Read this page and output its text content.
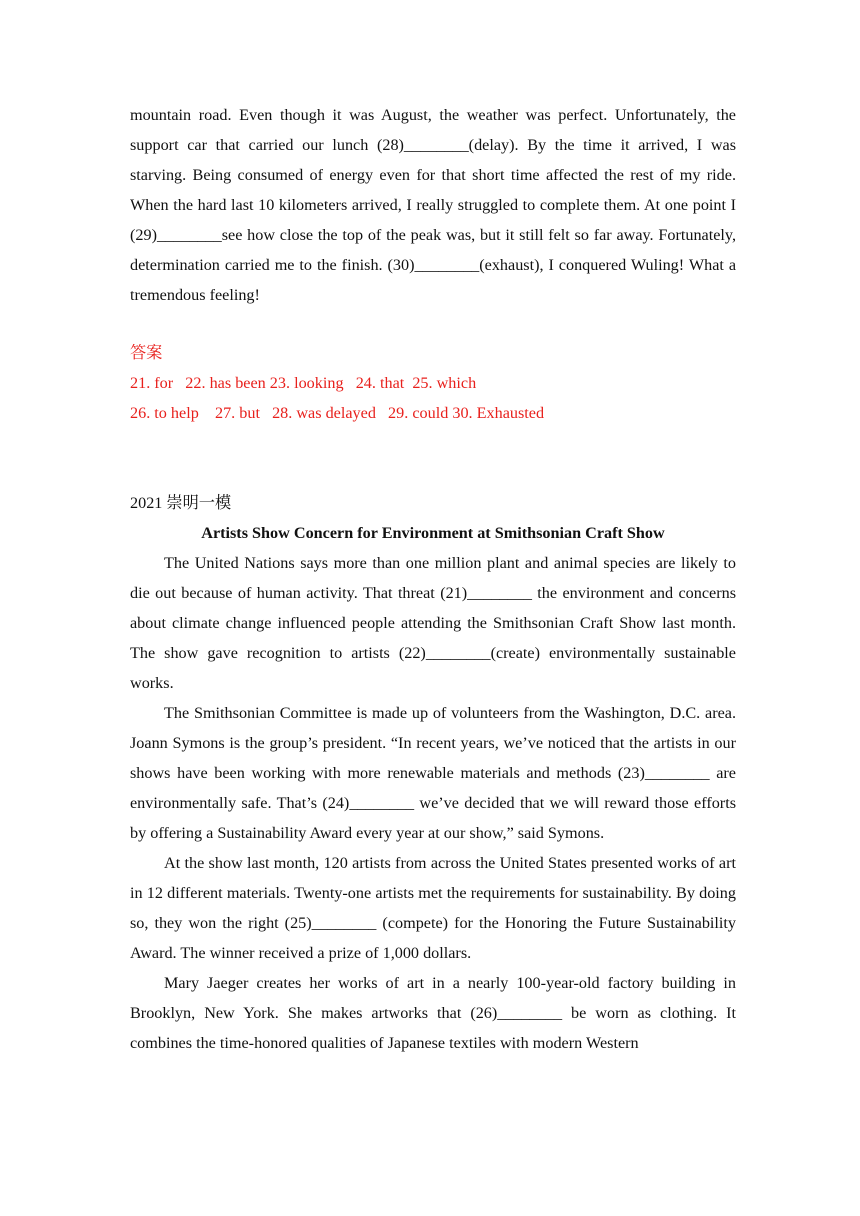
mountain road. Even though it was August, the weather was perfect. Unfortunately, the support car that carried our lunch (28)________(delay). By the time it arrived, I was starving. Being consumed of energy even for that short time affected the rest of my ride. When the hard last 10 kilometers arrived, I really struggled to complete them. At one point I (29)________see how close the top of the peak was, but it still felt so far away. Fortunately, determination carried me to the finish. (30)________(exhaust), I conquered Wuling! What a tremendous feeling!

答案

21. for   22. has been 23. looking   24. that  25. which

26. to help    27. but   28. was delayed   29. could 30. Exhausted

2021 崇明一模

Artists Show Concern for Environment at Smithsonian Craft Show

The United Nations says more than one million plant and animal species are likely to die out because of human activity. That threat (21)________ the environment and concerns about climate change influenced people attending the Smithsonian Craft Show last month. The show gave recognition to artists (22)________(create) environmentally sustainable works.

The Smithsonian Committee is made up of volunteers from the Washington, D.C. area. Joann Symons is the group’s president. “In recent years, we’ve noticed that the artists in our shows have been working with more renewable materials and methods (23)________ are environmentally safe. That’s (24)________ we’ve decided that we will reward those efforts by offering a Sustainability Award every year at our show,” said Symons.

At the show last month, 120 artists from across the United States presented works of art in 12 different materials. Twenty-one artists met the requirements for sustainability. By doing so, they won the right (25)________ (compete) for the Honoring the Future Sustainability Award. The winner received a prize of 1,000 dollars.

Mary Jaeger creates her works of art in a nearly 100-year-old factory building in Brooklyn, New York. She makes artworks that (26)________ be worn as clothing. It combines the time-honored qualities of Japanese textiles with modern Western
